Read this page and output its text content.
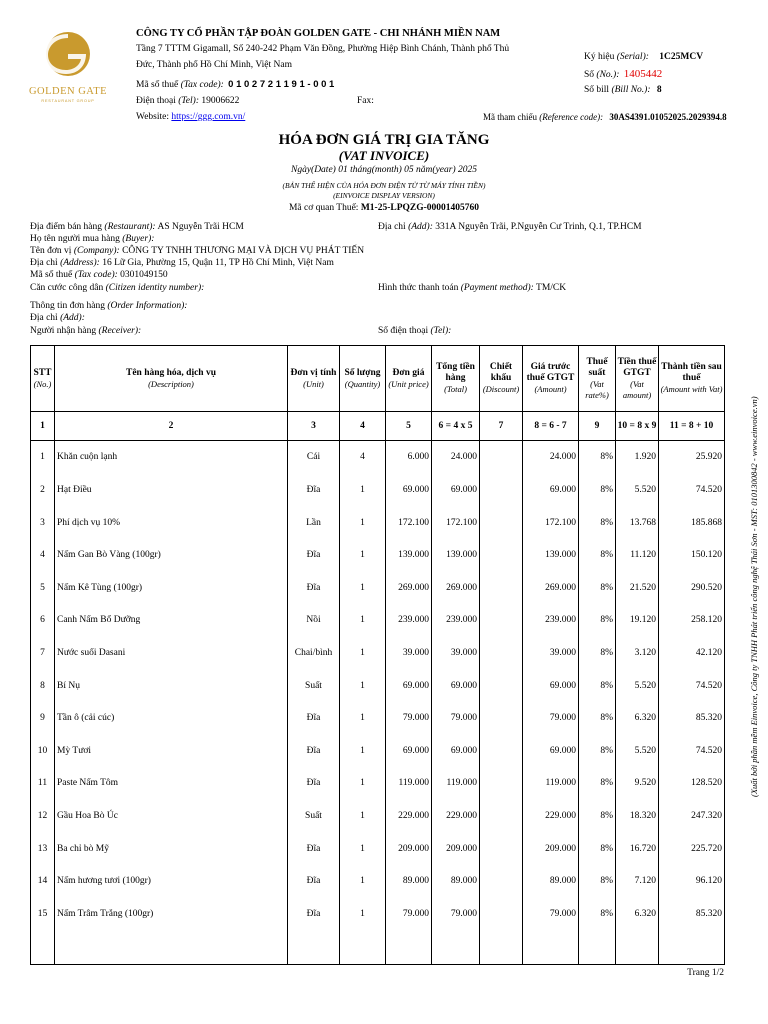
GOLDEN GATE
RESTAURANT GROUP
CÔNG TY CỔ PHẦN TẬP ĐOÀN GOLDEN GATE - CHI NHÁNH MIỀN NAM
Tầng 7 TTTM Gigamall, Số 240-242 Phạm Văn Đồng, Phường Hiệp Bình Chánh, Thành phố Thủ
Đức, Thành phố Hồ Chí Minh, Việt Nam
Mã số thuế (Tax code): 0 1 0 2 7 2 1 1 9 1 - 0 0 1
Điện thoại (Tel): 19006622	Fax:
Website: https://ggg.com.vn/
Ký hiệu (Serial): 1C25MCV
Số (No.): 1405442
Số bill (Bill No.): 8
Mã tham chiếu (Reference code): 30AS4391.01052025.2029394.8
HÓA ĐƠN GIÁ TRỊ GIA TĂNG
(VAT INVOICE)
Ngày(Date) 01 tháng(month) 05 năm(year) 2025
(BẢN THỂ HIỆN CỦA HÓA ĐƠN ĐIỆN TỬ TỪ MÁY TÍNH TIỀN)
(EINVOICE DISPLAY VERSION)
Mã cơ quan Thuế: M1-25-LPQZG-00001405760
Địa điểm bán hàng (Restaurant): AS Nguyễn Trãi HCM	Địa chỉ (Add): 331A Nguyễn Trãi, P.Nguyễn Cư Trinh, Q.1, TP.HCM
Họ tên người mua hàng (Buyer):
Tên đơn vị (Company): CÔNG TY TNHH THƯƠNG MẠI VÀ DỊCH VỤ PHÁT TIẾN
Địa chỉ (Address): 16 Lữ Gia, Phường 15, Quận 11, TP Hồ Chí Minh, Việt Nam
Mã số thuế (Tax code): 0301049150
Căn cước công dân (Citizen identity number):	Hình thức thanh toán (Payment method): TM/CK
Thông tin đơn hàng (Order Information):
Địa chỉ (Add):
Người nhận hàng (Receiver):	Số điện thoại (Tel):
STT
(No.)	Tên hàng hóa, dịch vụ
(Description)	Đơn vị tính
(Unit)	Số lượng
(Quantity)	Đơn giá
(Unit price)	Tổng tiền hàng
(Total)	Chiết khấu
(Discount)	Giá trước thuế GTGT
(Amount)	Thuế suất
(Vat rate%)	Tiền thuế GTGT
(Vat amount)	Thành tiền sau thuế
(Amount with Vat)

1	2	3	4	5	6 = 4 x 5	7	8 = 6 - 7	9	10 = 8 x 9	11 = 8 + 10
1	Khăn cuộn lạnh	Cái	4	6.000	24.000		24.000	8%	1.920	25.920
2	Hạt Điều	Đĩa	1	69.000	69.000		69.000	8%	5.520	74.520
3	Phí dịch vụ 10%	Lần	1	172.100	172.100		172.100	8%	13.768	185.868
4	Nấm Gan Bò Vàng (100gr)	Đĩa	1	139.000	139.000		139.000	8%	11.120	150.120
5	Nấm Kê Tùng (100gr)	Đĩa	1	269.000	269.000		269.000	8%	21.520	290.520
6	Canh Nấm Bổ Dưỡng	Nồi	1	239.000	239.000		239.000	8%	19.120	258.120
7	Nước suối Dasani	Chai/bình	1	39.000	39.000		39.000	8%	3.120	42.120
8	Bí Nụ	Suất	1	69.000	69.000		69.000	8%	5.520	74.520
9	Tần ô (cải cúc)	Đĩa	1	79.000	79.000		79.000	8%	6.320	85.320
10	Mỳ Tươi	Đĩa	1	69.000	69.000		69.000	8%	5.520	74.520
11	Paste Nấm Tôm	Đĩa	1	119.000	119.000		119.000	8%	9.520	128.520
12	Gầu Hoa Bò Úc	Suất	1	229.000	229.000		229.000	8%	18.320	247.320
13	Ba chỉ bò Mỹ	Đĩa	1	209.000	209.000		209.000	8%	16.720	225.720
14	Nấm hương tươi (100gr)	Đĩa	1	89.000	89.000		89.000	8%	7.120	96.120
15	Nấm Trâm Trắng (100gr)	Đĩa	1	79.000	79.000		79.000	8%	6.320	85.320

(Xuất bởi phần mềm Einvoice, Công ty TNHH Phát triển công nghệ Thái Sơn - MST: 0101300842 - www.einvoice.vn)
Trang 1/2
